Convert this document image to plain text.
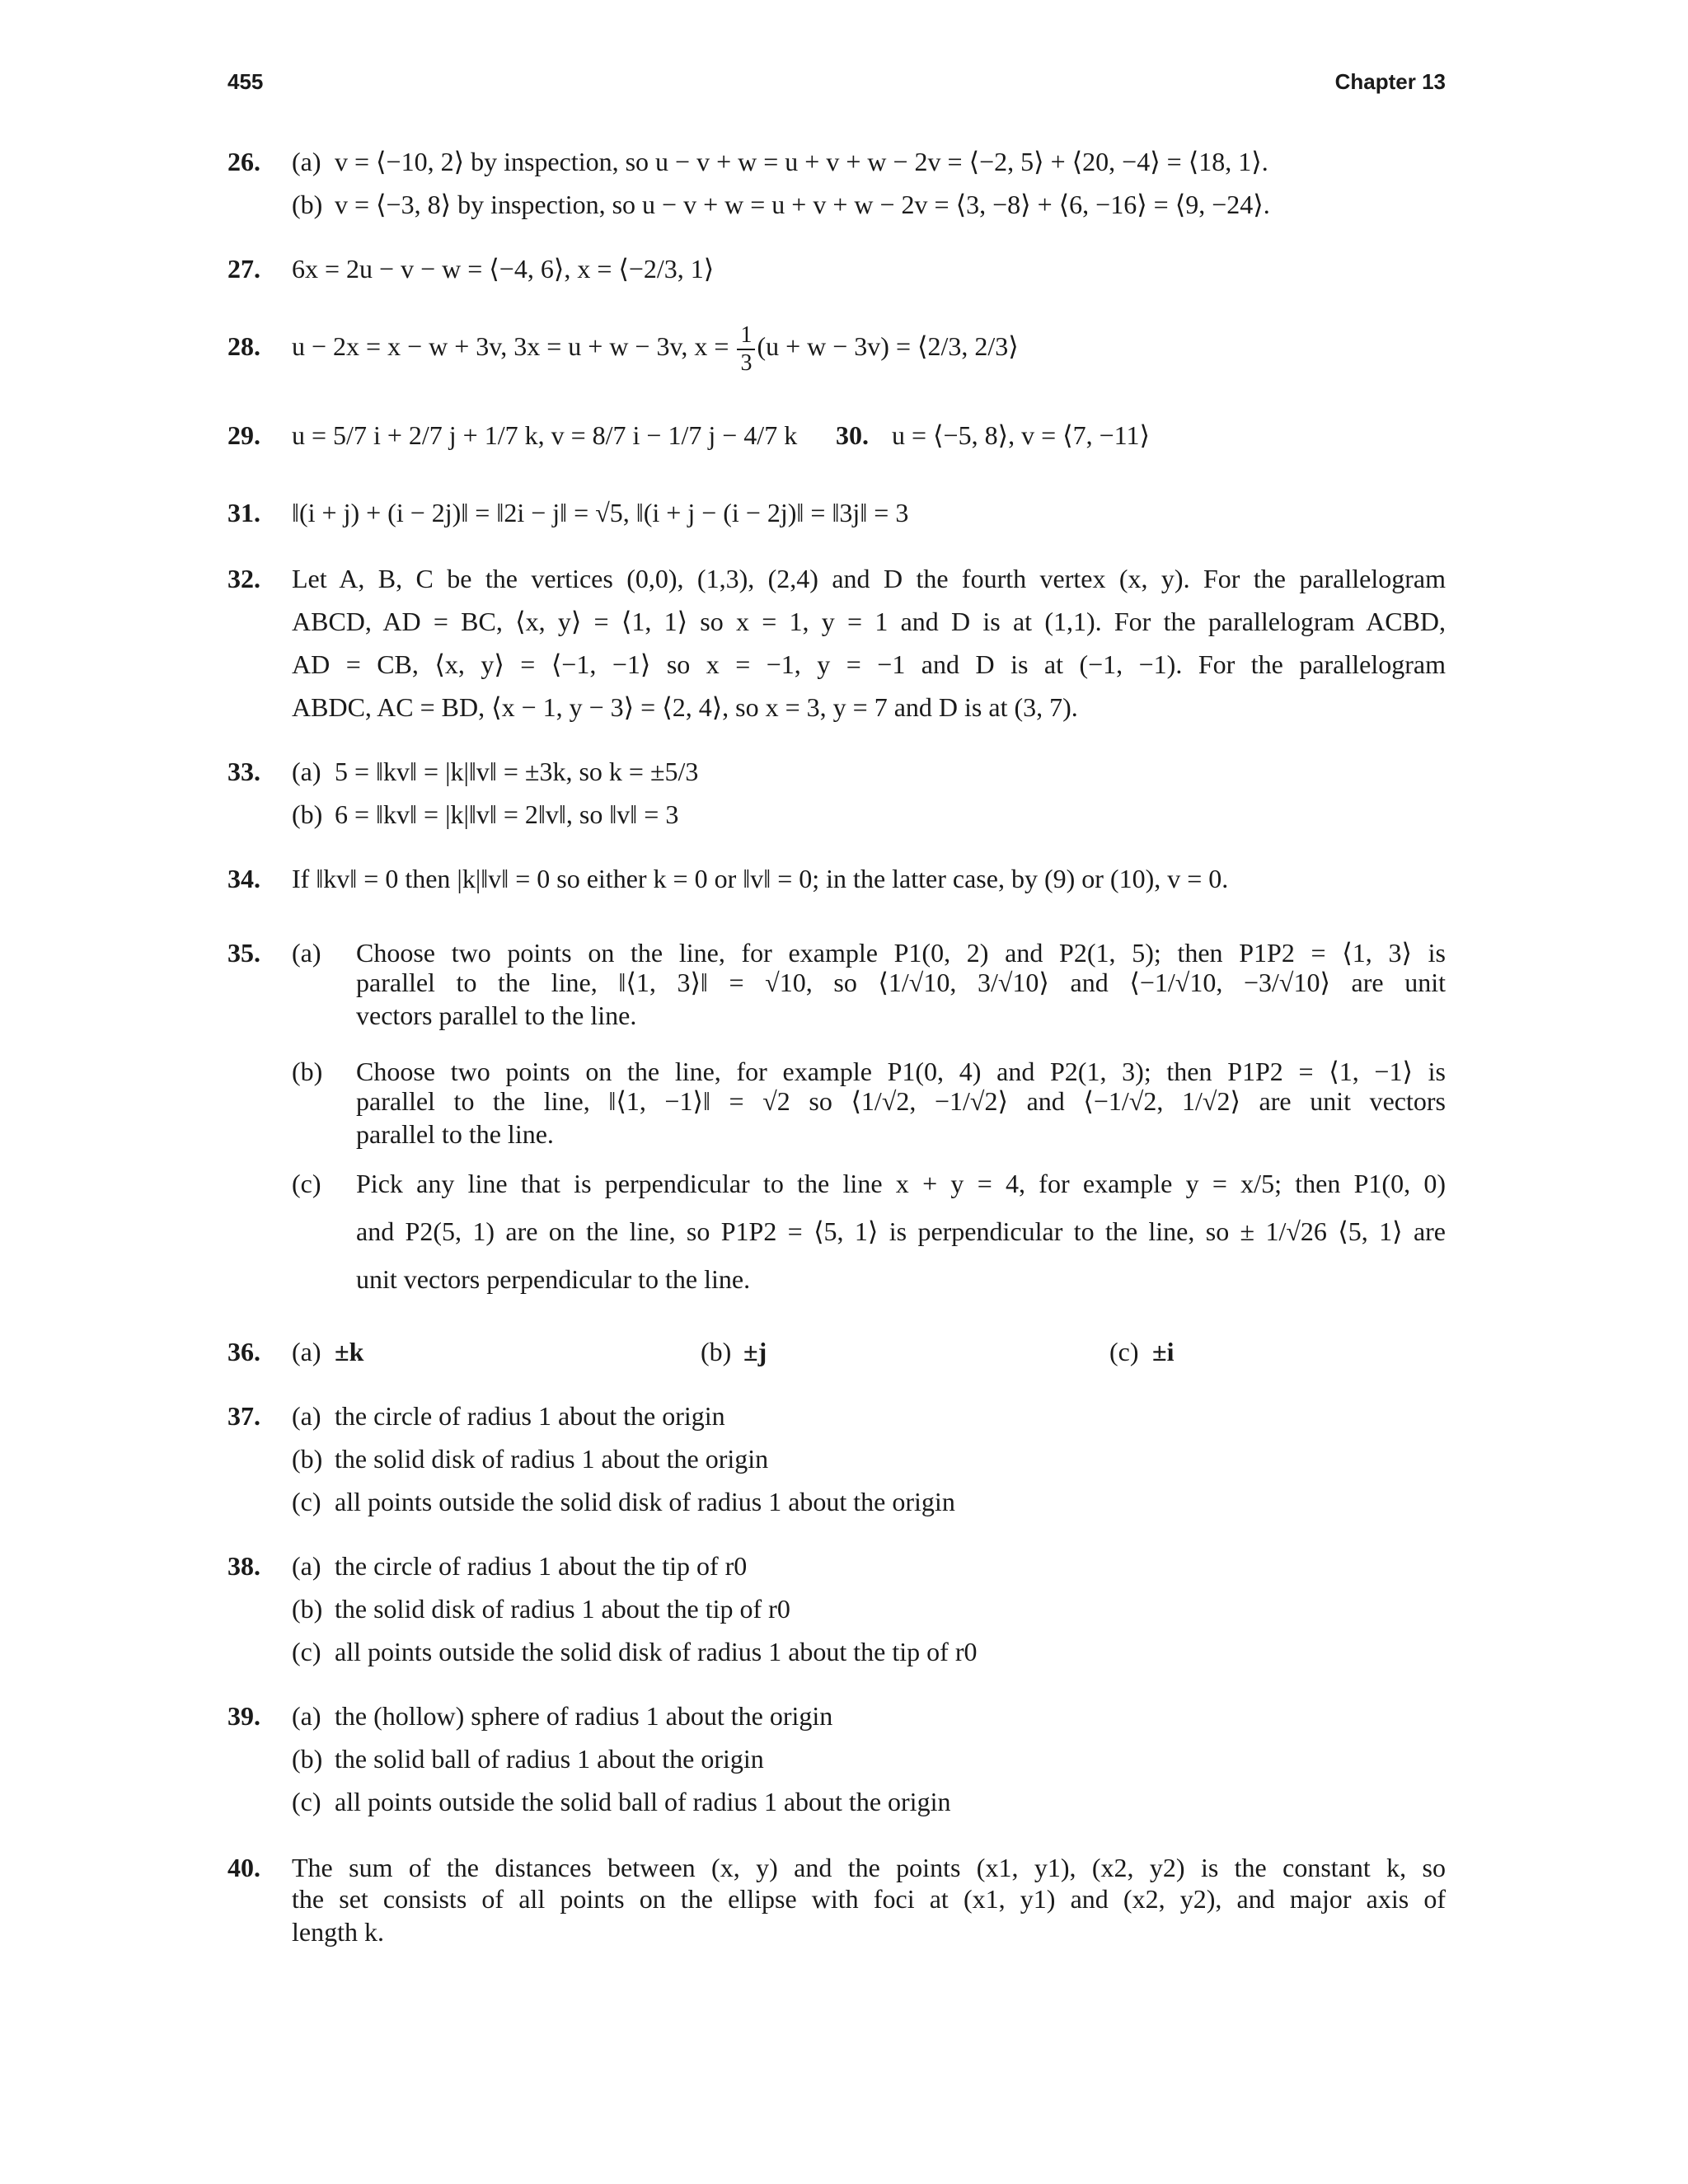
455	Chapter 13
26. (a) v = ⟨−10, 2⟩ by inspection, so u − v + w = u + v + w − 2v = ⟨−2, 5⟩ + ⟨20, −4⟩ = ⟨18, 1⟩.
(b) v = ⟨−3, 8⟩ by inspection, so u − v + w = u + v + w − 2v = ⟨3, −8⟩ + ⟨6, −16⟩ = ⟨9, −24⟩.
27. 6x = 2u − v − w = ⟨−4, 6⟩, x = ⟨−2/3, 1⟩
28. u − 2x = x − w + 3v, 3x = u + w − 3v, $x = \frac{1}{3} (u + w - 3v)$ = ⟨2/3, 2/3⟩
29. u = 5/7 i + 2/7 j + 1/7 k, v = 8/7 i − 1/7 j − 4/7 k	30. u = ⟨−5, 8⟩, v = ⟨7, −11⟩
31. ‖(i + j) + (i − 2j)‖ = ‖2i − j‖ = √5, ‖(i + j − (i − 2j)‖ = ‖3j‖ = 3
32. Let A, B, C be the vertices (0,0), (1,3), (2,4) and D the fourth vertex (x, y). For the parallelogram
ABCD, AD = BC, ⟨x, y⟩ = ⟨1, 1⟩ so x = 1, y = 1 and D is at (1,1). For the parallelogram ACBD,
AD = CB, ⟨x, y⟩ = ⟨−1, −1⟩ so x = −1, y = −1 and D is at (−1, −1). For the parallelogram
ABDC, AC = BD, ⟨x − 1, y − 3⟩ = ⟨2, 4⟩, so x = 3, y = 7 and D is at (3, 7).
33. (a) 5 = ‖kv‖ = |k|‖v‖ = ±3k, so k = ±5/3
(b) 6 = ‖kv‖ = |k|‖v‖ = 2‖v‖, so ‖v‖ = 3
34. If ‖kv‖ = 0 then |k|‖v‖ = 0 so either k = 0 or ‖v‖ = 0; in the latter case, by (9) or (10), v = 0.
35. (a)	Choose two points on the line, for example P1(0, 2) and P2(1, 5); then P1P2 = ⟨1, 3⟩ is
parallel to the line, ‖⟨1, 3⟩‖ = √10, so ⟨1/√10, 3/√10⟩ and ⟨−1/√10, −3/√10⟩ are unit
vectors parallel to the line.
(b)	Choose two points on the line, for example P1(0, 4) and P2(1, 3); then P1P2 = ⟨1, −1⟩ is
parallel to the line, ‖⟨1, −1⟩‖ = √2 so ⟨1/√2, −1/√2⟩ and ⟨−1/√2, 1/√2⟩ are unit vectors
parallel to the line.
(c)	Pick any line that is perpendicular to the line x + y = 4, for example y = x/5; then P1(0, 0)
and P2(5, 1) are on the line, so P1P2 = ⟨5, 1⟩ is perpendicular to the line, so ± 1/√26 ⟨5, 1⟩ are
unit vectors perpendicular to the line.
36. (a) ±k	(b) ±j	(c) ±i
37. (a) the circle of radius 1 about the origin
(b) the solid disk of radius 1 about the origin
(c) all points outside the solid disk of radius 1 about the origin
38. (a) the circle of radius 1 about the tip of r0
(b) the solid disk of radius 1 about the tip of r0
(c) all points outside the solid disk of radius 1 about the tip of r0
39. (a) the (hollow) sphere of radius 1 about the origin
(b) the solid ball of radius 1 about the origin
(c) all points outside the solid ball of radius 1 about the origin
40. The sum of the distances between (x, y) and the points (x1, y1), (x2, y2) is the constant k, so
the set consists of all points on the ellipse with foci at (x1, y1) and (x2, y2), and major axis of
length k.
